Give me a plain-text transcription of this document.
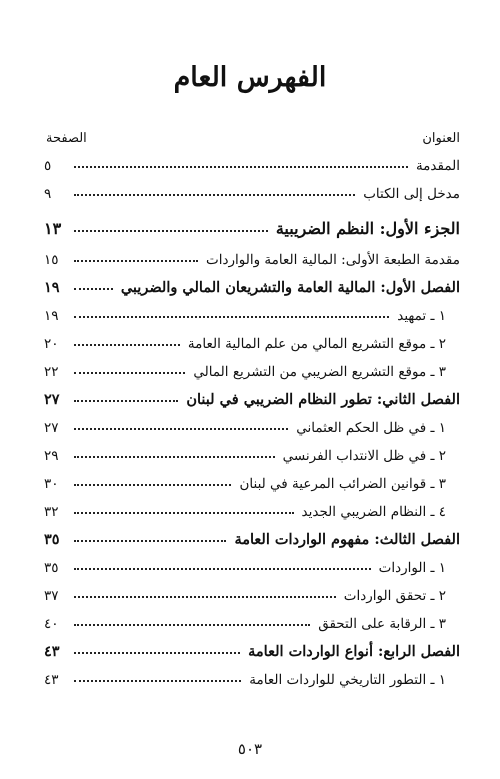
الفهرس العام
العنوان
الصفحة
المقدمة
٥
مدخل إلى الكتاب
٩
الجزء الأول: النظم الضريبية
١٣
مقدمة الطبعة الأولى: المالية العامة والواردات
١٥
الفصل الأول: المالية العامة والتشريعان المالي والضريبي
١٩
١ ـ تمهيد
١٩
٢ ـ موقع التشريع المالي من علم المالية العامة
٢٠
٣ ـ موقع التشريع الضريبي من التشريع المالي
٢٢
الفصل الثاني: تطور النظام الضريبي في لبنان
٢٧
١ ـ في ظل الحكم العثماني
٢٧
٢ ـ في ظل الانتداب الفرنسي
٢٩
٣ ـ قوانين الضرائب المرعية في لبنان
٣٠
٤ ـ النظام الضريبي الجديد
٣٢
الفصل الثالث: مفهوم الواردات العامة
٣٥
١ ـ الواردات
٣٥
٢ ـ تحقق الواردات
٣٧
٣ ـ الرقابة على التحقق
٤٠
الفصل الرابع: أنواع الواردات العامة
٤٣
١ ـ التطور التاريخي للواردات العامة
٤٣
٥٠٣
